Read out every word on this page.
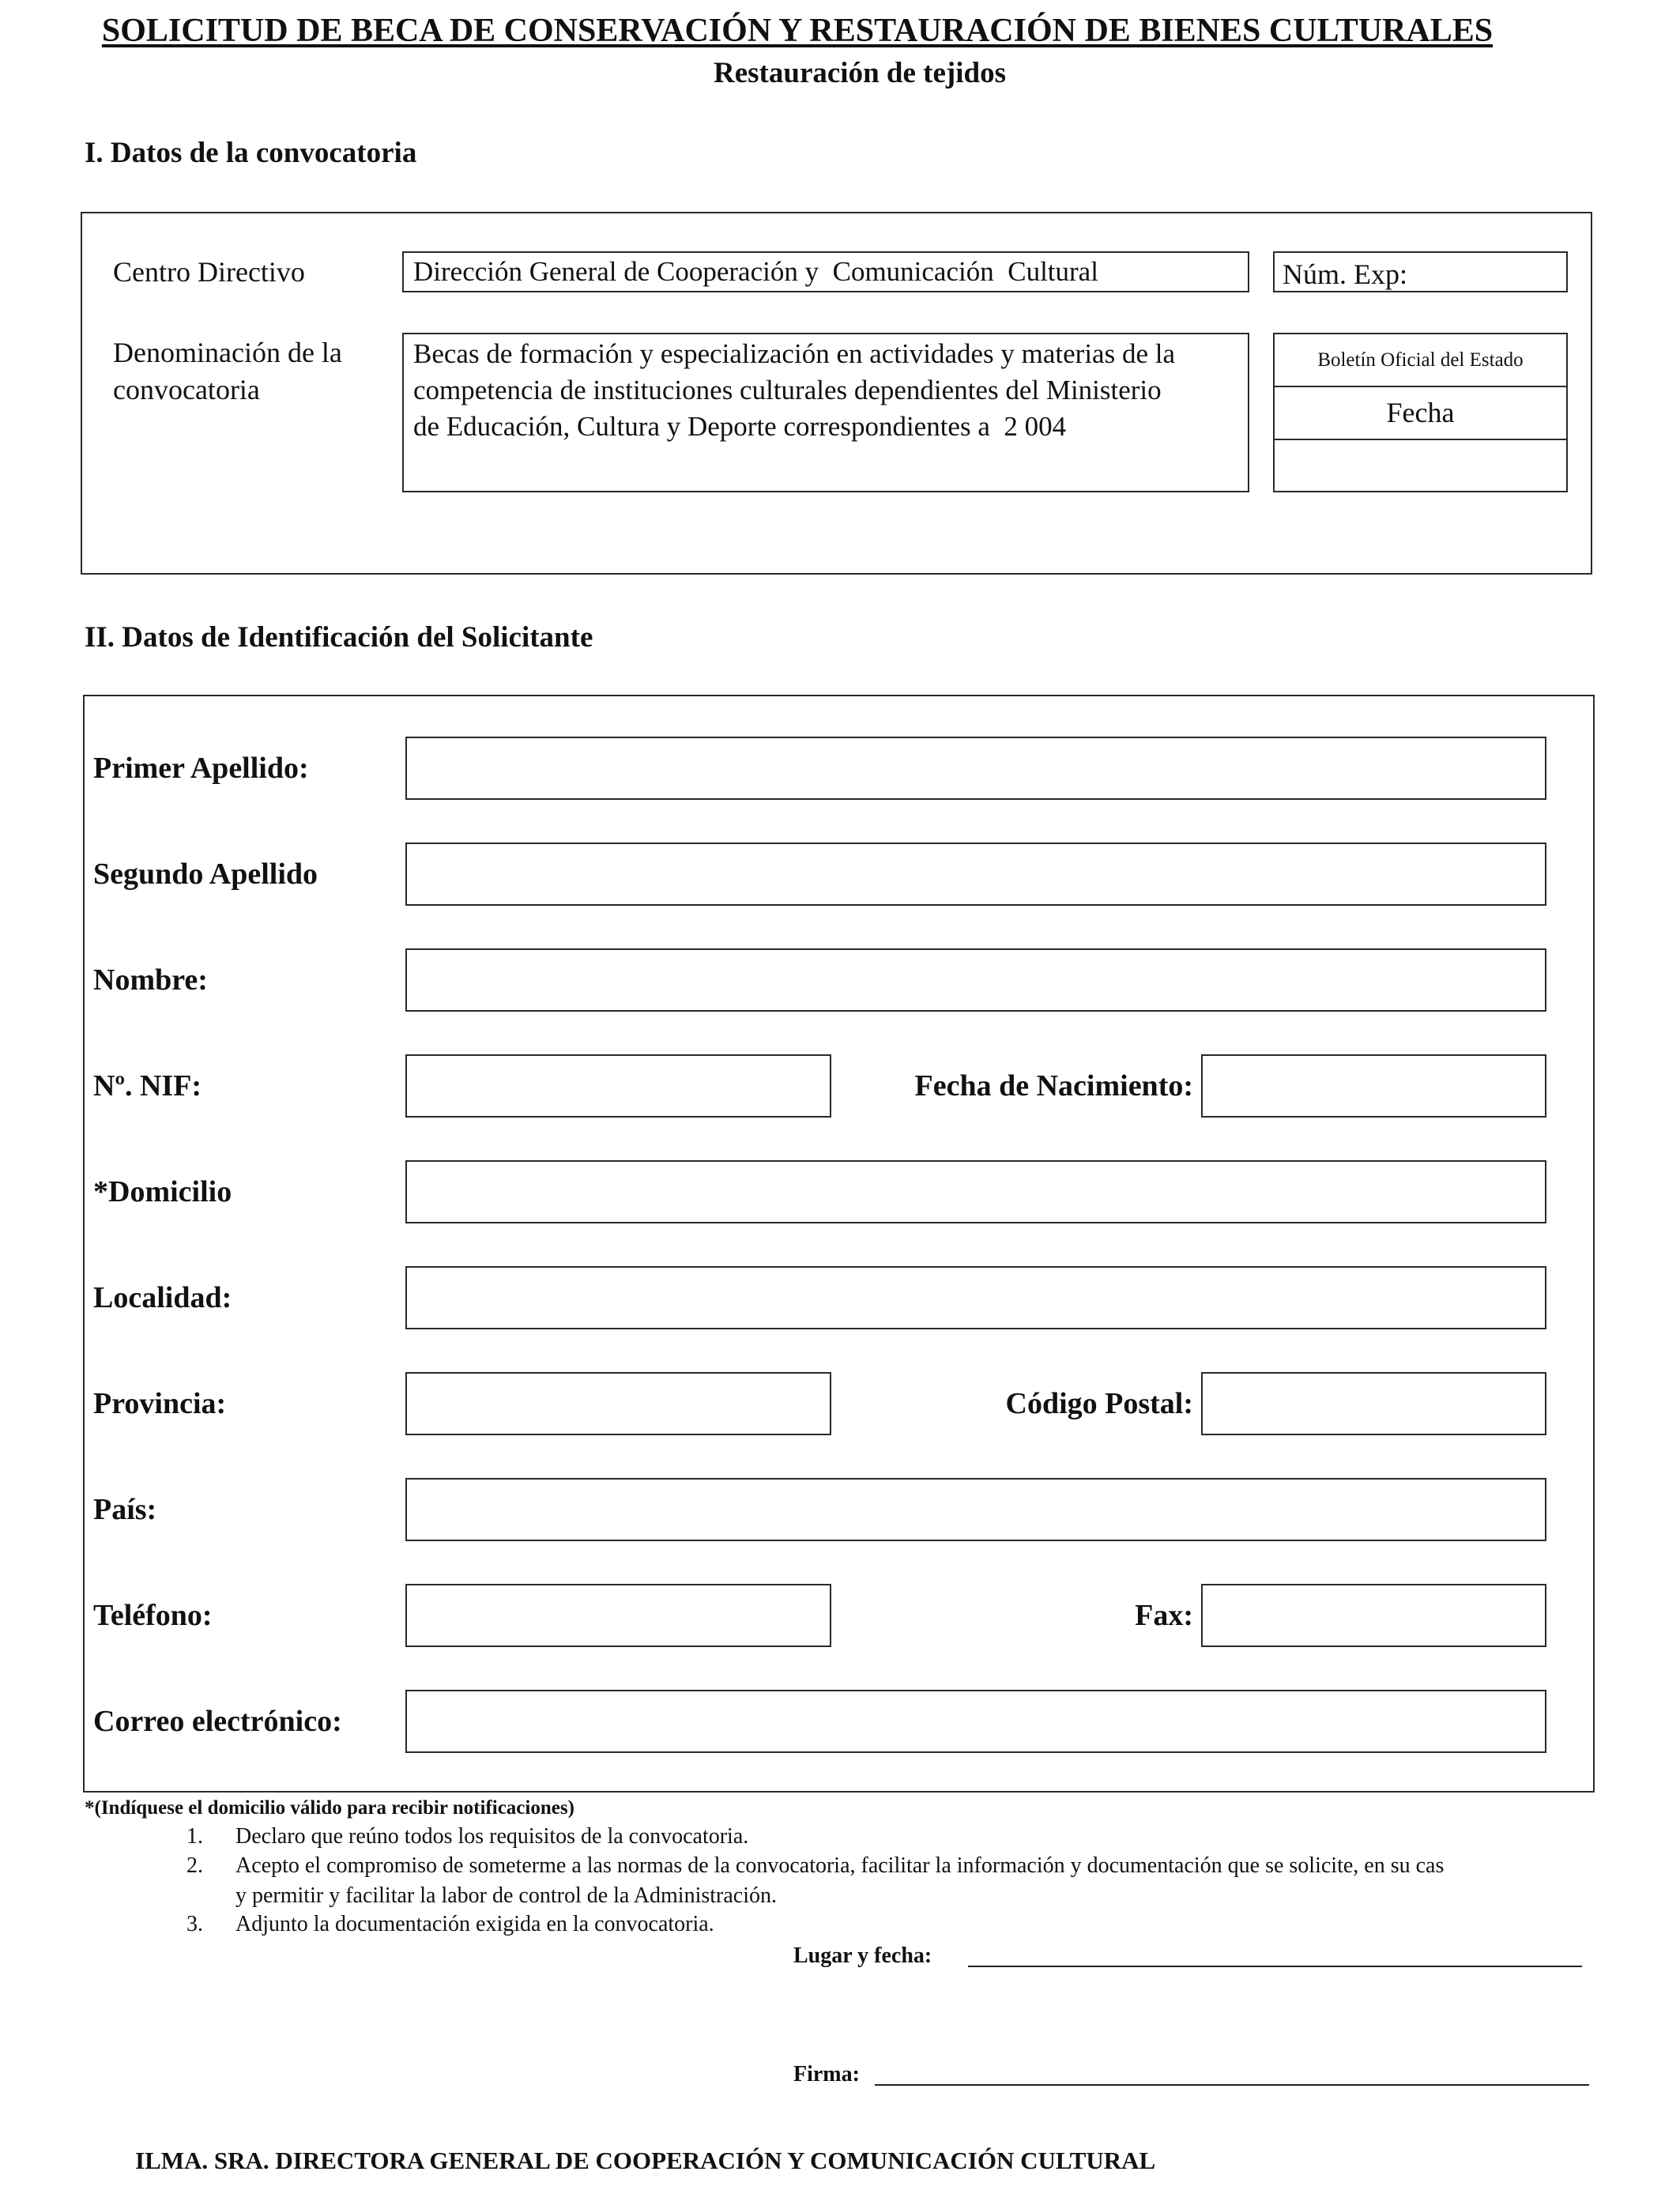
SOLICITUD DE BECA DE CONSERVACIÓN Y RESTAURACIÓN DE BIENES CULTURALES
Restauración de tejidos
I. Datos de la convocatoria
Centro Directivo	Dirección General de Cooperación y  Comunicación  Cultural	Núm. Exp:
Denominación de la
convocatoria
Becas de formación y especialización en actividades y materias de la
competencia de instituciones culturales dependientes del Ministerio
de Educación, Cultura y Deporte correspondientes a  2 004
Boletín Oficial del Estado
Fecha
II. Datos de Identificación del Solicitante
Primer Apellido:
Segundo Apellido
Nombre:
Nº. NIF:	Fecha de Nacimiento:
*Domicilio
Localidad:
Provincia:	Código Postal:
País:
Teléfono:	Fax:
Correo electrónico:
*(Indíquese el domicilio válido para recibir notificaciones)
1. Declaro que reúno todos los requisitos de la convocatoria.
2. Acepto el compromiso de someterme a las normas de la convocatoria, facilitar la información y documentación que se solicite, en su cas
y permitir y facilitar la labor de control de la Administración.
3. Adjunto la documentación exigida en la convocatoria.
Lugar y fecha:
Firma:
ILMA. SRA. DIRECTORA GENERAL DE COOPERACIÓN Y COMUNICACIÓN CULTURAL
